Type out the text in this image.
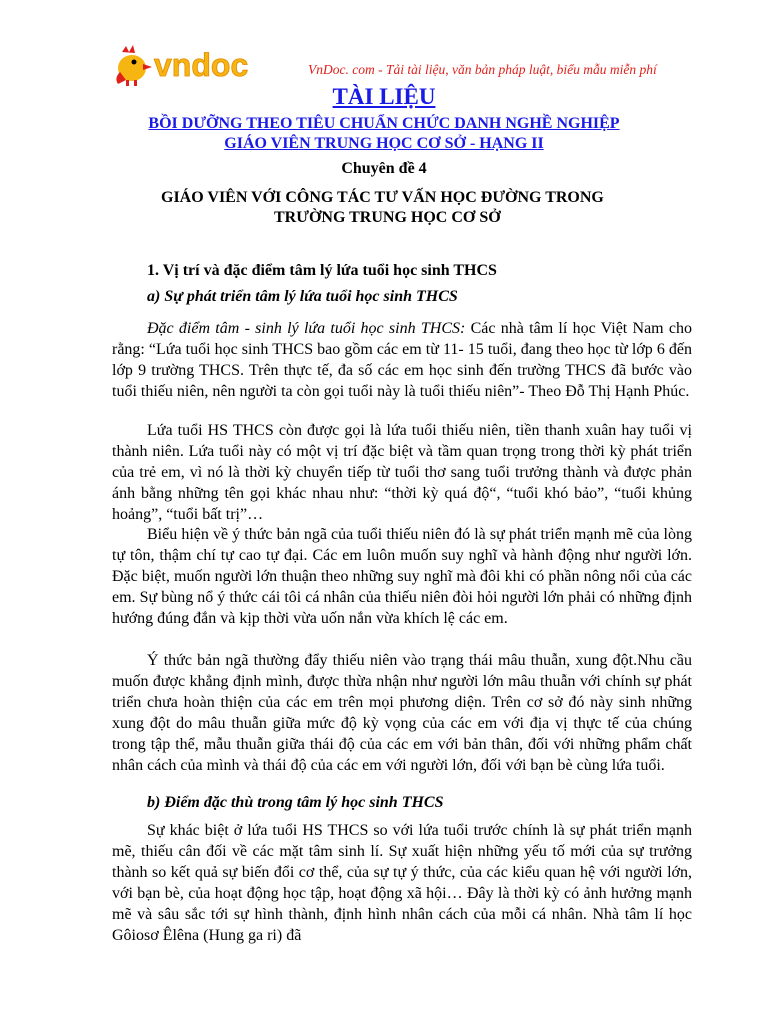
vndoc	VnDoc. com - Tải tài liệu, văn bản pháp luật, biểu mẫu miễn phí
TÀI LIỆU
BỒI DƯỠNG THEO TIÊU CHUẨN CHỨC DANH NGHỀ NGHIỆP
GIÁO VIÊN TRUNG HỌC CƠ SỞ - HẠNG II
Chuyên đề 4
GIÁO VIÊN VỚI CÔNG TÁC TƯ VẤN HỌC ĐƯỜNG TRONG
TRƯỜNG TRUNG HỌC CƠ SỞ
1. Vị trí và đặc điểm tâm lý lứa tuổi học sinh THCS
a) Sự phát triển tâm lý lứa tuổi học sinh THCS
Đặc điểm tâm - sinh lý lứa tuổi học sinh THCS: Các nhà tâm lí học Việt Nam cho rằng: “Lứa tuổi học sinh THCS bao gồm các em từ 11- 15 tuổi, đang theo học từ lớp 6 đến lớp 9 trường THCS. Trên thực tế, đa số các em học sinh đến trường THCS đã bước vào tuổi thiếu niên, nên người ta còn gọi tuổi này là tuổi thiếu niên”- Theo Đỗ Thị Hạnh Phúc.
Lứa tuổi HS THCS còn được gọi là lứa tuổi thiếu niên, tiền thanh xuân hay tuổi vị thành niên. Lứa tuổi này có một vị trí đặc biệt và tầm quan trọng trong thời kỳ phát triển của trẻ em, vì nó là thời kỳ chuyển tiếp từ tuổi thơ sang tuổi trưởng thành và được phản ánh bằng những tên gọi khác nhau như: “thời kỳ quá độ“, “tuổi khó bảo”, “tuổi khủng hoảng”, “tuổi bất trị”…
Biểu hiện về ý thức bản ngã của tuổi thiếu niên đó là sự phát triển mạnh mẽ của lòng tự tôn, thậm chí tự cao tự đại. Các em luôn muốn suy nghĩ và hành động như người lớn. Đặc biệt, muốn người lớn thuận theo những suy nghĩ mà đôi khi có phần nông nổi của các em. Sự bùng nổ ý thức cái tôi cá nhân của thiếu niên đòi hỏi người lớn phải có những định hướng đúng đắn và kịp thời vừa uốn nắn vừa khích lệ các em.
Ý thức bản ngã thường đẩy thiếu niên vào trạng thái mâu thuẫn, xung đột.Nhu cầu muốn được khẳng định mình, được thừa nhận như người lớn mâu thuẫn với chính sự phát triển chưa hoàn thiện của các em trên mọi phương diện. Trên cơ sở đó này sinh những xung đột do mâu thuẫn giữa mức độ kỳ vọng của các em với địa vị thực tế của chúng trong tập thể, mẫu thuẫn giữa thái độ của các em với bản thân, đối với những phẩm chất nhân cách của mình và thái độ của các em với người lớn, đối với bạn bè cùng lứa tuổi.
b) Điểm đặc thù trong tâm lý học sinh THCS
Sự khác biệt ở lứa tuổi HS THCS so với lứa tuổi trước chính là sự phát triển mạnh mẽ, thiếu cân đối về các mặt tâm sinh lí. Sự xuất hiện những yếu tố mới của sự trưởng thành so kết quả sự biến đổi cơ thể, của sự tự ý thức, của các kiểu quan hệ với người lớn, với bạn bè, của hoạt động học tập, hoạt động xã hội… Đây là thời kỳ có ảnh hưởng mạnh mẽ và sâu sắc tới sự hình thành, định hình nhân cách của mỗi cá nhân. Nhà tâm lí học Gôiosơ Êlêna (Hung ga ri) đã
